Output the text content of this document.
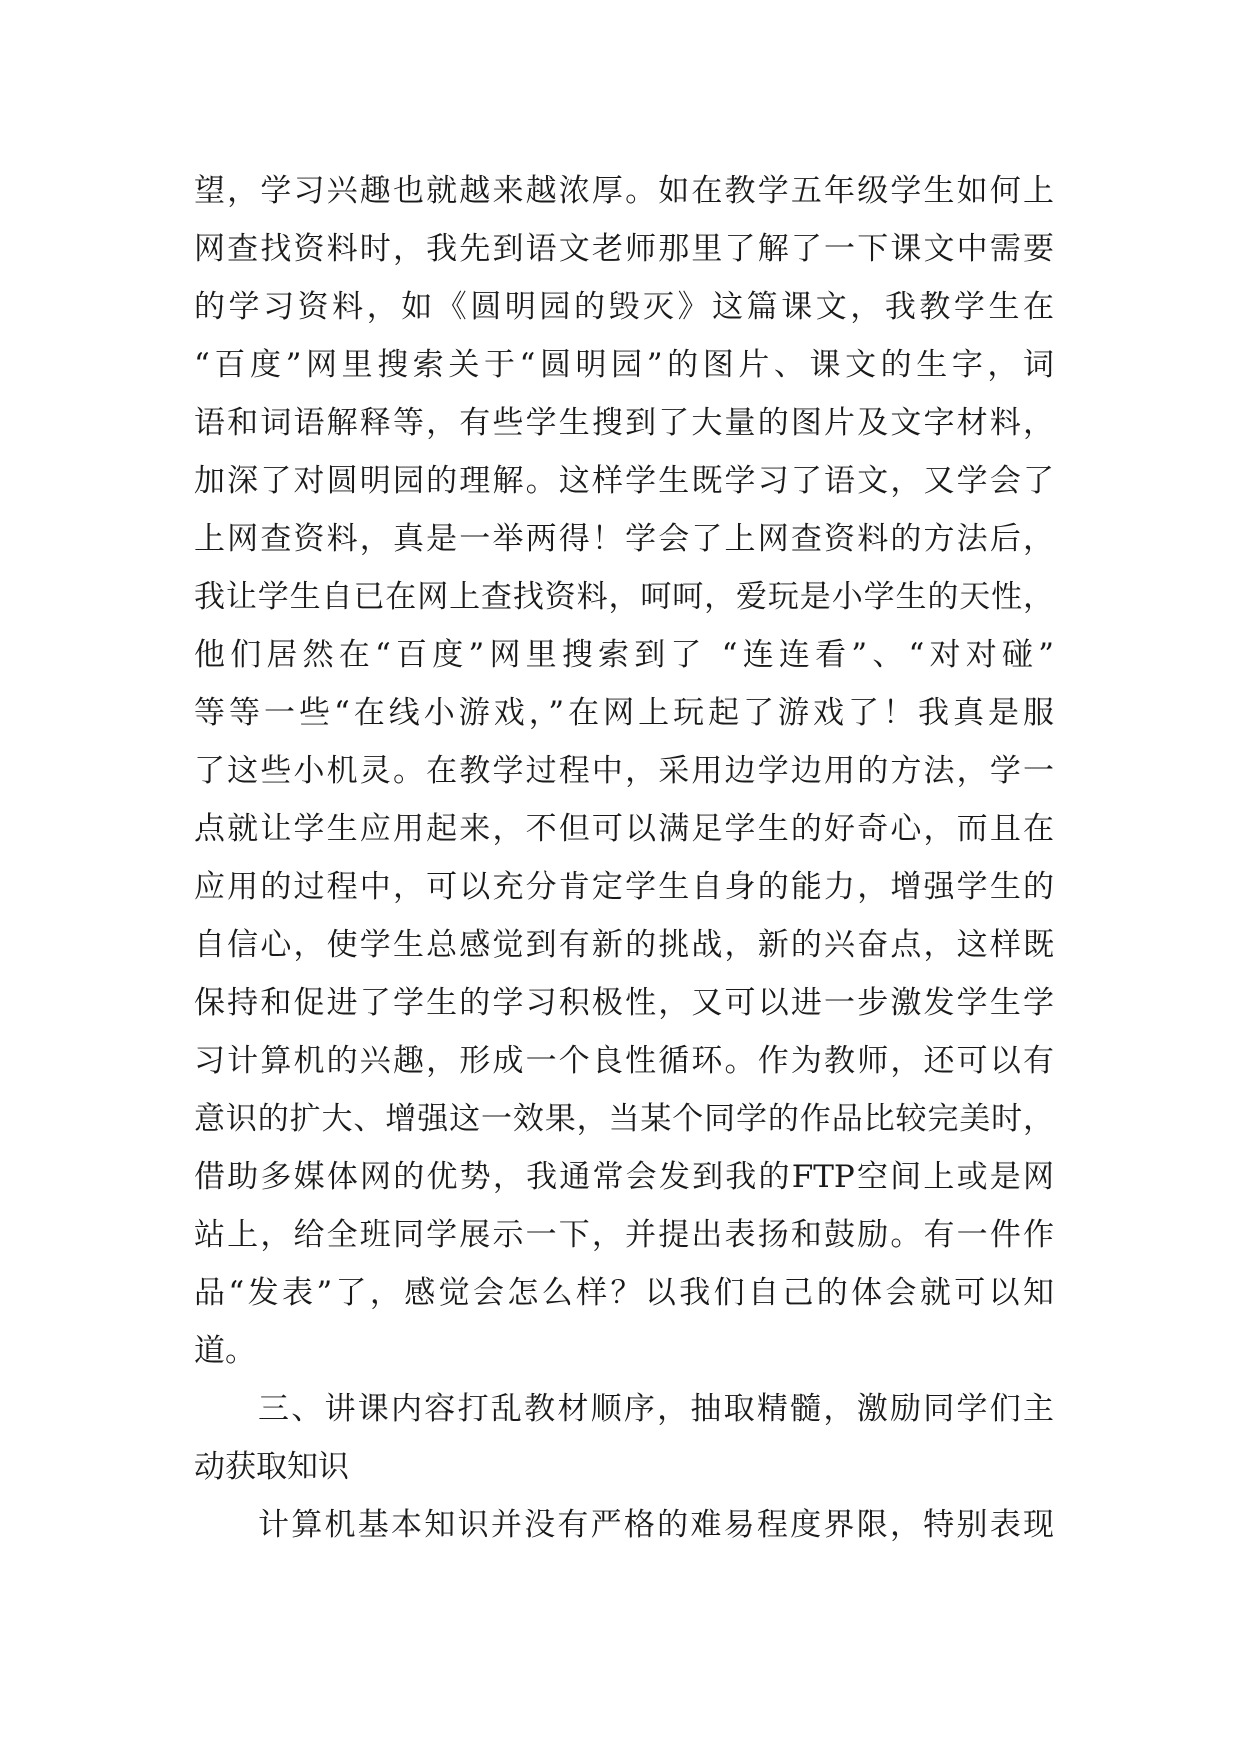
望，学习兴趣也就越来越浓厚。如在教学五年级学生如何上
网查找资料时，我先到语文老师那里了解了一下课文中需要
的学习资料，如《圆明园的毁灭》这篇课文，我教学生在
“百度”网里搜索关于“圆明园”的图片、课文的生字，词
语和词语解释等，有些学生搜到了大量的图片及文字材料，
加深了对圆明园的理解。这样学生既学习了语文，又学会了
上网查资料，真是一举两得！学会了上网查资料的方法后，
我让学生自已在网上查找资料，呵呵，爱玩是小学生的天性，
他们居然在“百度”网里搜索到了 “连连看”、“对对碰”
等等一些“在线小游戏，”在网上玩起了游戏了！我真是服
了这些小机灵。在教学过程中，采用边学边用的方法，学一
点就让学生应用起来，不但可以满足学生的好奇心，而且在
应用的过程中，可以充分肯定学生自身的能力，增强学生的
自信心，使学生总感觉到有新的挑战，新的兴奋点，这样既
保持和促进了学生的学习积极性，又可以进一步激发学生学
习计算机的兴趣，形成一个良性循环。作为教师，还可以有
意识的扩大、增强这一效果，当某个同学的作品比较完美时，
借助多媒体网的优势，我通常会发到我的FTP空间上或是网
站上，给全班同学展示一下，并提出表扬和鼓励。有一件作
品“发表”了，感觉会怎么样？以我们自己的体会就可以知
道。
三、讲课内容打乱教材顺序，抽取精髓，激励同学们主
动获取知识
计算机基本知识并没有严格的难易程度界限，特别表现
